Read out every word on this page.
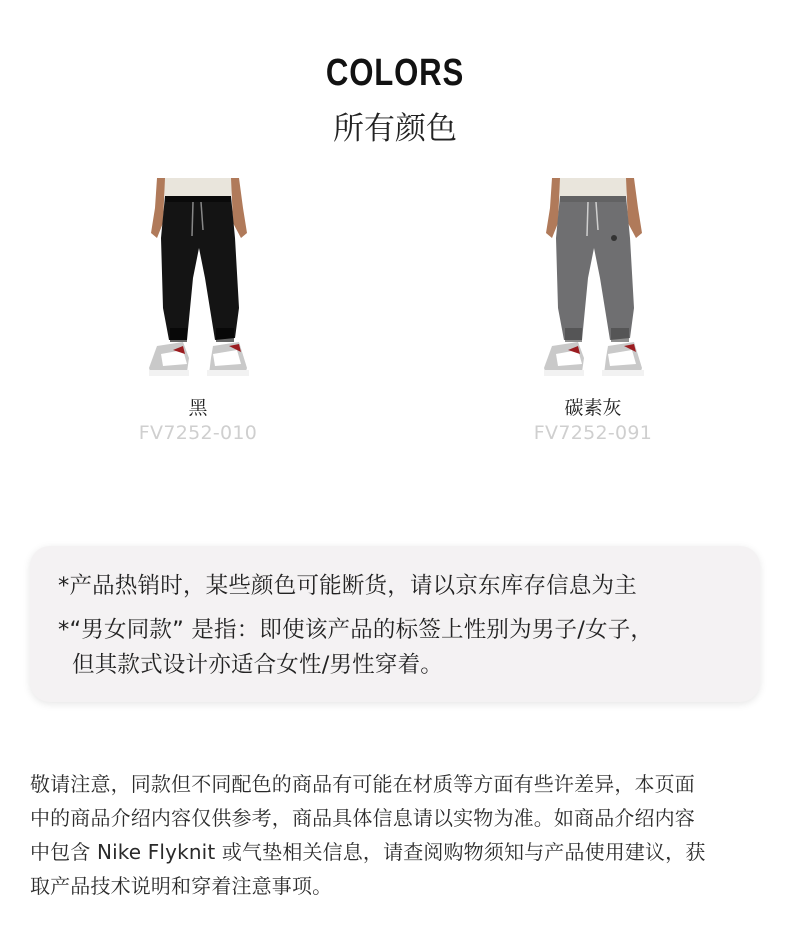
COLORS
所有颜色
黑
FV7252-010
碳素灰
FV7252-091
*产品热销时，某些颜色可能断货，请以京东库存信息为主
*“男女同款” 是指：即使该产品的标签上性别为男子/女子，
但其款式设计亦适合女性/男性穿着。
敬请注意，同款但不同配色的商品有可能在材质等方面有些许差异，本页面
中的商品介绍内容仅供参考，商品具体信息请以实物为准。如商品介绍内容
中包含 Nike Flyknit 或气垫相关信息，请查阅购物须知与产品使用建议，获
取产品技术说明和穿着注意事项。
